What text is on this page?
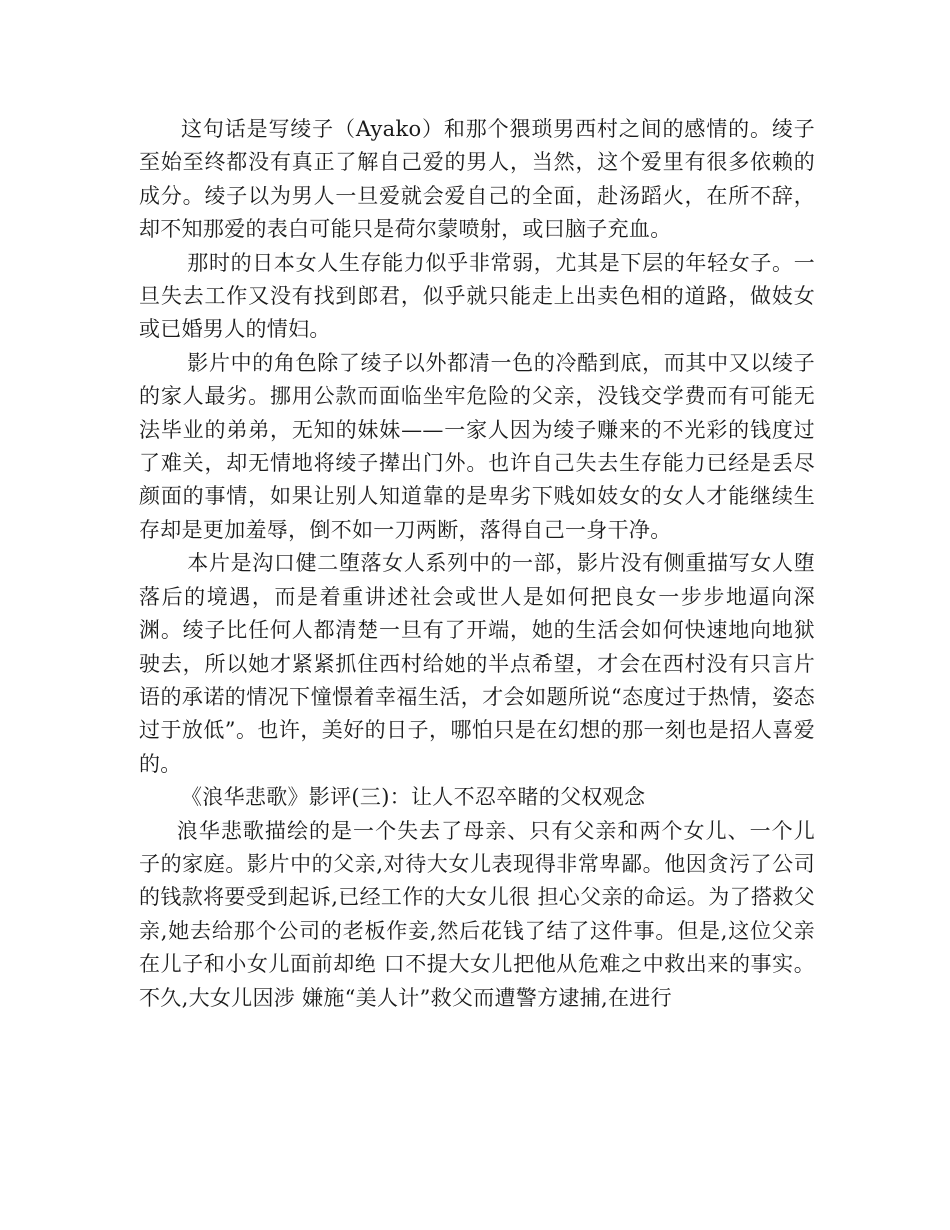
这句话是写绫子（Ayako）和那个猥琐男西村之间的感情的。绫子至始至终都没有真正了解自己爱的男人，当然，这个爱里有很多依赖的成分。绫子以为男人一旦爱就会爱自己的全面，赴汤蹈火，在所不辞，却不知那爱的表白可能只是荷尔蒙喷射，或曰脑子充血。

那时的日本女人生存能力似乎非常弱，尤其是下层的年轻女子。一旦失去工作又没有找到郎君，似乎就只能走上出卖色相的道路，做妓女或已婚男人的情妇。

影片中的角色除了绫子以外都清一色的冷酷到底，而其中又以绫子的家人最劣。挪用公款而面临坐牢危险的父亲，没钱交学费而有可能无法毕业的弟弟，无知的妹妹——一家人因为绫子赚来的不光彩的钱度过了难关，却无情地将绫子撵出门外。也许自己失去生存能力已经是丢尽颜面的事情，如果让别人知道靠的是卑劣下贱如妓女的女人才能继续生存却是更加羞辱，倒不如一刀两断，落得自己一身干净。

本片是沟口健二堕落女人系列中的一部，影片没有侧重描写女人堕落后的境遇，而是着重讲述社会或世人是如何把良女一步步地逼向深渊。绫子比任何人都清楚一旦有了开端，她的生活会如何快速地向地狱驶去，所以她才紧紧抓住西村给她的半点希望，才会在西村没有只言片语的承诺的情况下憧憬着幸福生活，才会如题所说“态度过于热情，姿态过于放低”。也许，美好的日子，哪怕只是在幻想的那一刻也是招人喜爱的。

《浪华悲歌》影评(三)：让人不忍卒睹的父权观念

浪华悲歌描绘的是一个失去了母亲、只有父亲和两个女儿、一个儿子的家庭。影片中的父亲,对待大女儿表现得非常卑鄙。他因贪污了公司的钱款将要受到起诉,已经工作的大女儿很 担心父亲的命运。为了搭救父亲,她去给那个公司的老板作妾,然后花钱了结了这件事。但是,这位父亲在儿子和小女儿面前却绝 口不提大女儿把他从危难之中救出来的事实。不久,大女儿因涉 嫌施“美人计”救父而遭警方逮捕,在进行
